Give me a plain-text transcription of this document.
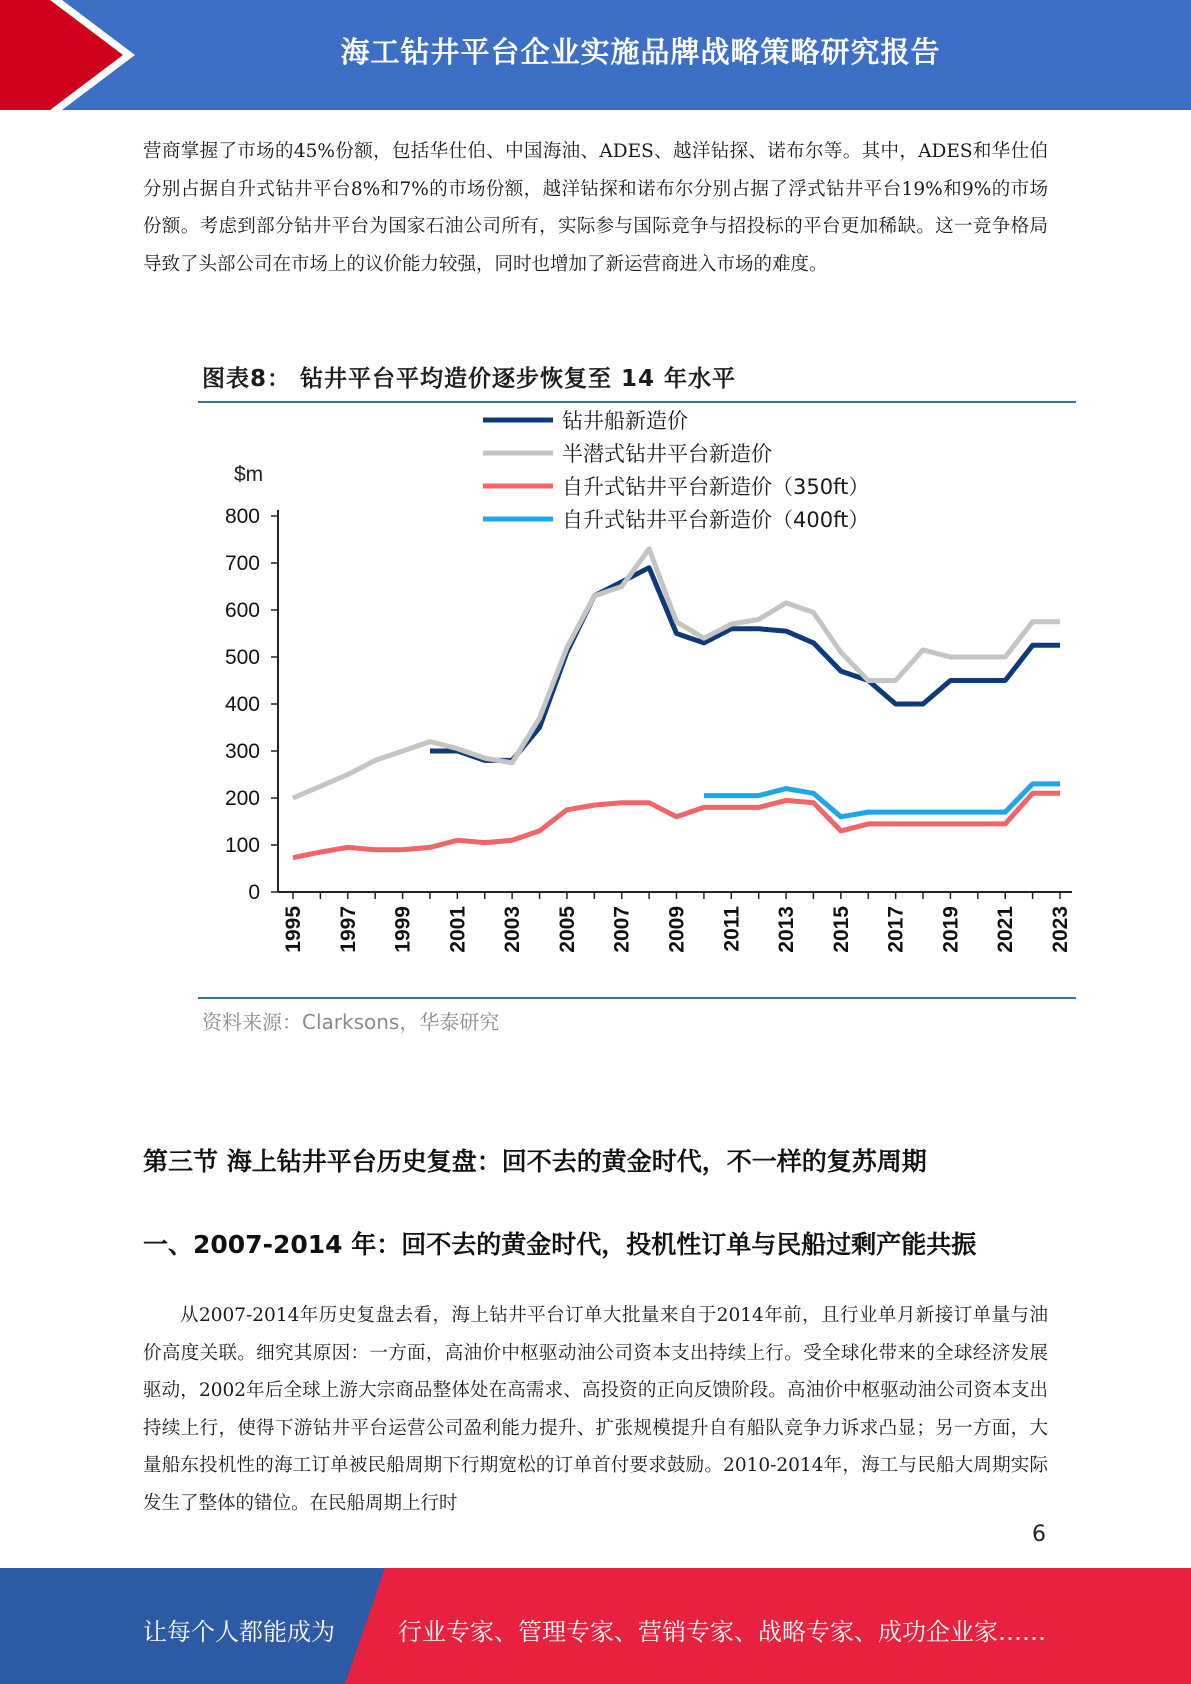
海工钻井平台企业实施品牌战略策略研究报告

营商掌握了市场的45%份额，包括华仕伯、中国海油、ADES、越洋钻探、诺布尔等。其中，ADES和华仕伯分别占据自升式钻井平台8%和7%的市场份额，越洋钻探和诺布尔分别占据了浮式钻井平台19%和9%的市场份额。考虑到部分钻井平台为国家石油公司所有，实际参与国际竞争与招投标的平台更加稀缺。这一竞争格局导致了头部公司在市场上的议价能力较强，同时也增加了新运营商进入市场的难度。

图表8： 钻井平台平均造价逐步恢复至 14 年水平
$m
0
100
200
300
400
500
600
700
800
1995 1997 1999 2001 2003 2005 2007 2009 2011 2013 2015 2017 2019 2021 2023
钻井船新造价
半潜式钻井平台新造价
自升式钻井平台新造价（350ft）
自升式钻井平台新造价（400ft）
资料来源：Clarksons，华泰研究
第三节 海上钻井平台历史复盘：回不去的黄金时代，不一样的复苏周期
一、2007-2014 年：回不去的黄金时代，投机性订单与民船过剩产能共振

从2007-2014年历史复盘去看，海上钻井平台订单大批量来自于2014年前，且行业单月新接订单量与油价高度关联。细究其原因：一方面，高油价中枢驱动油公司资本支出持续上行。受全球化带来的全球经济发展驱动，2002年后全球上游大宗商品整体处在高需求、高投资的正向反馈阶段。高油价中枢驱动油公司资本支出持续上行，使得下游钻井平台运营公司盈利能力提升、扩张规模提升自有船队竞争力诉求凸显；另一方面，大量船东投机性的海工订单被民船周期下行期宽松的订单首付要求鼓励。2010-2014年，海工与民船大周期实际发生了整体的错位。在民船周期上行时

6
让每个人都能成为	行业专家、管理专家、营销专家、战略专家、成功企业家……
